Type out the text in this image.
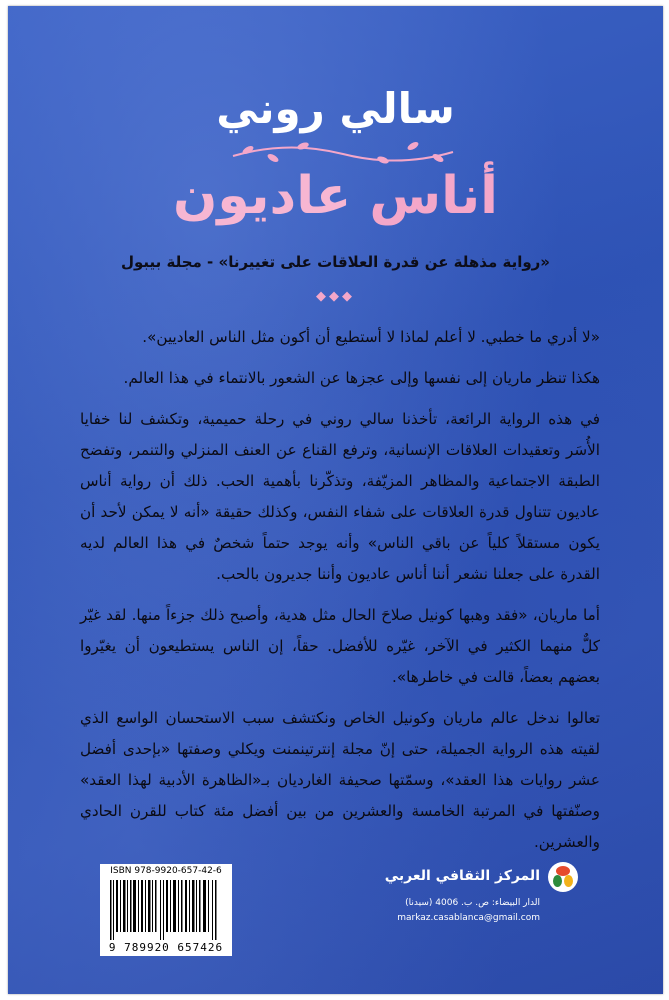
سالي روني
أناس عاديون
«رواية مذهلة عن قدرة العلاقات على تغييرنا» - مجلة بيبول
◆◆◆

«لا أدري ما خطبي. لا أعلم لماذا لا أستطيع أن أكون مثل الناس العاديين».

هكذا تنظر ماريان إلى نفسها وإلى عجزها عن الشعور بالانتماء في هذا العالم.

في هذه الرواية الرائعة، تأخذنا سالي روني في رحلة حميمية، وتكشف لنا خفايا الأُسَر وتعقيدات العلاقات الإنسانية، وترفع القناع عن العنف المنزلي والتنمر، وتفضح الطبقة الاجتماعية والمظاهر المزيّفة، وتذكّرنا بأهمية الحب. ذلك أن رواية أناس عاديون تتناول قدرة العلاقات على شفاء النفس، وكذلك حقيقة «أنه لا يمكن لأحد أن يكون مستقلاً كلياً عن باقي الناس» وأنه يوجد حتماً شخصٌ في هذا العالم لديه القدرة على جعلنا نشعر أننا أناس عاديون وأننا جديرون بالحب.

أما ماريان، «فقد وهبها كونيل صلاحَ الحال مثل هدية، وأصبح ذلك جزءاً منها. لقد غيّر كلٌّ منهما الكثير في الآخر، غيّره للأفضل. حقاً، إن الناس يستطيعون أن يغيّروا بعضهم بعضاً، قالت في خاطرها».

تعالوا ندخل عالم ماريان وكونيل الخاص ونكتشف سبب الاستحسان الواسع الذي لقيته هذه الرواية الجميلة، حتى إنّ مجلة إنترتينمنت ويكلي وصفتها «بإحدى أفضل عشر روايات هذا العقد»، وسمّتها صحيفة الغارديان بـ«الظاهرة الأدبية لهذا العقد» وصنّفتها في المرتبة الخامسة والعشرين من بين أفضل مئة كتاب للقرن الحادي والعشرين.

ISBN 978-9920-657-42-6
9 789920 657426
المركز الثقافي العربي
الدار البيضاء: ص. ب. 4006 (سيدنا)
markaz.casablanca@gmail.com
